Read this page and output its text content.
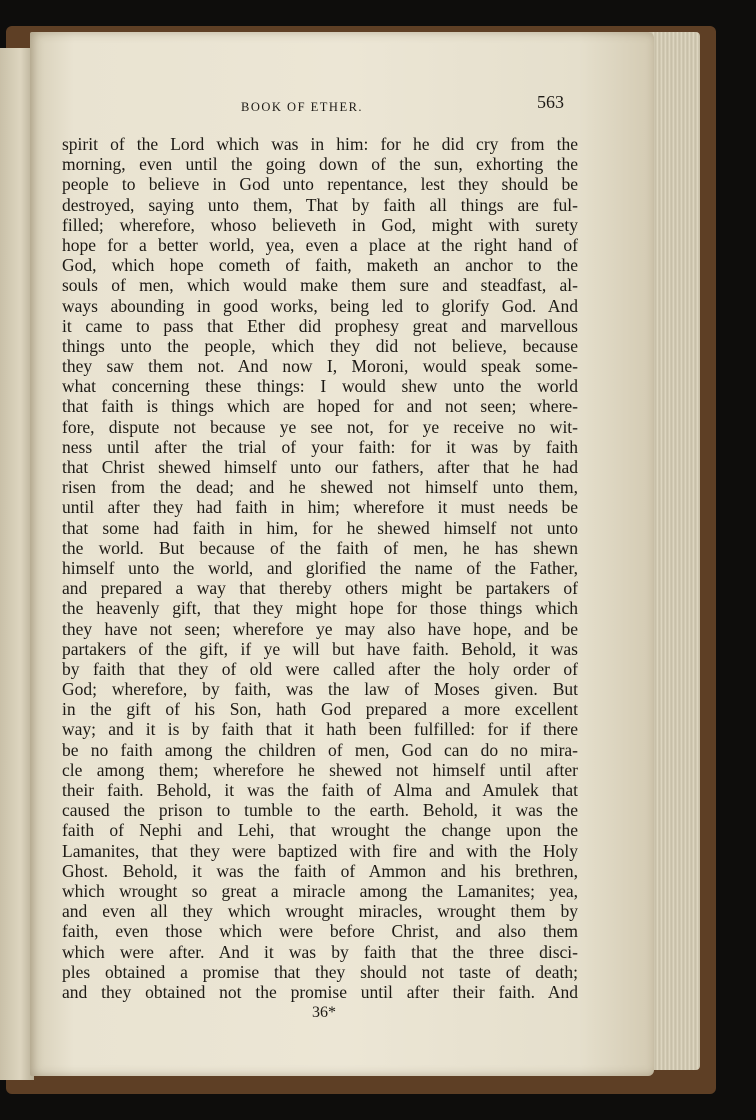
BOOK OF ETHER.	563
spirit of the Lord which was in him: for he did cry from the
morning, even until the going down of the sun, exhorting the
people to believe in God unto repentance, lest they should be
destroyed, saying unto them, That by faith all things are ful-
filled; wherefore, whoso believeth in God, might with surety
hope for a better world, yea, even a place at the right hand of
God, which hope cometh of faith, maketh an anchor to the
souls of men, which would make them sure and steadfast, al-
ways abounding in good works, being led to glorify God. And
it came to pass that Ether did prophesy great and marvellous
things unto the people, which they did not believe, because
they saw them not. And now I, Moroni, would speak some-
what concerning these things: I would shew unto the world
that faith is things which are hoped for and not seen; where-
fore, dispute not because ye see not, for ye receive no wit-
ness until after the trial of your faith: for it was by faith
that Christ shewed himself unto our fathers, after that he had
risen from the dead; and he shewed not himself unto them,
until after they had faith in him; wherefore it must needs be
that some had faith in him, for he shewed himself not unto
the world. But because of the faith of men, he has shewn
himself unto the world, and glorified the name of the Father,
and prepared a way that thereby others might be partakers of
the heavenly gift, that they might hope for those things which
they have not seen; wherefore ye may also have hope, and be
partakers of the gift, if ye will but have faith. Behold, it was
by faith that they of old were called after the holy order of
God; wherefore, by faith, was the law of Moses given. But
in the gift of his Son, hath God prepared a more excellent
way; and it is by faith that it hath been fulfilled: for if there
be no faith among the children of men, God can do no mira-
cle among them; wherefore he shewed not himself until after
their faith. Behold, it was the faith of Alma and Amulek that
caused the prison to tumble to the earth. Behold, it was the
faith of Nephi and Lehi, that wrought the change upon the
Lamanites, that they were baptized with fire and with the Holy
Ghost. Behold, it was the faith of Ammon and his brethren,
which wrought so great a miracle among the Lamanites; yea,
and even all they which wrought miracles, wrought them by
faith, even those which were before Christ, and also them
which were after. And it was by faith that the three disci-
ples obtained a promise that they should not taste of death;
and they obtained not the promise until after their faith. And
36*
